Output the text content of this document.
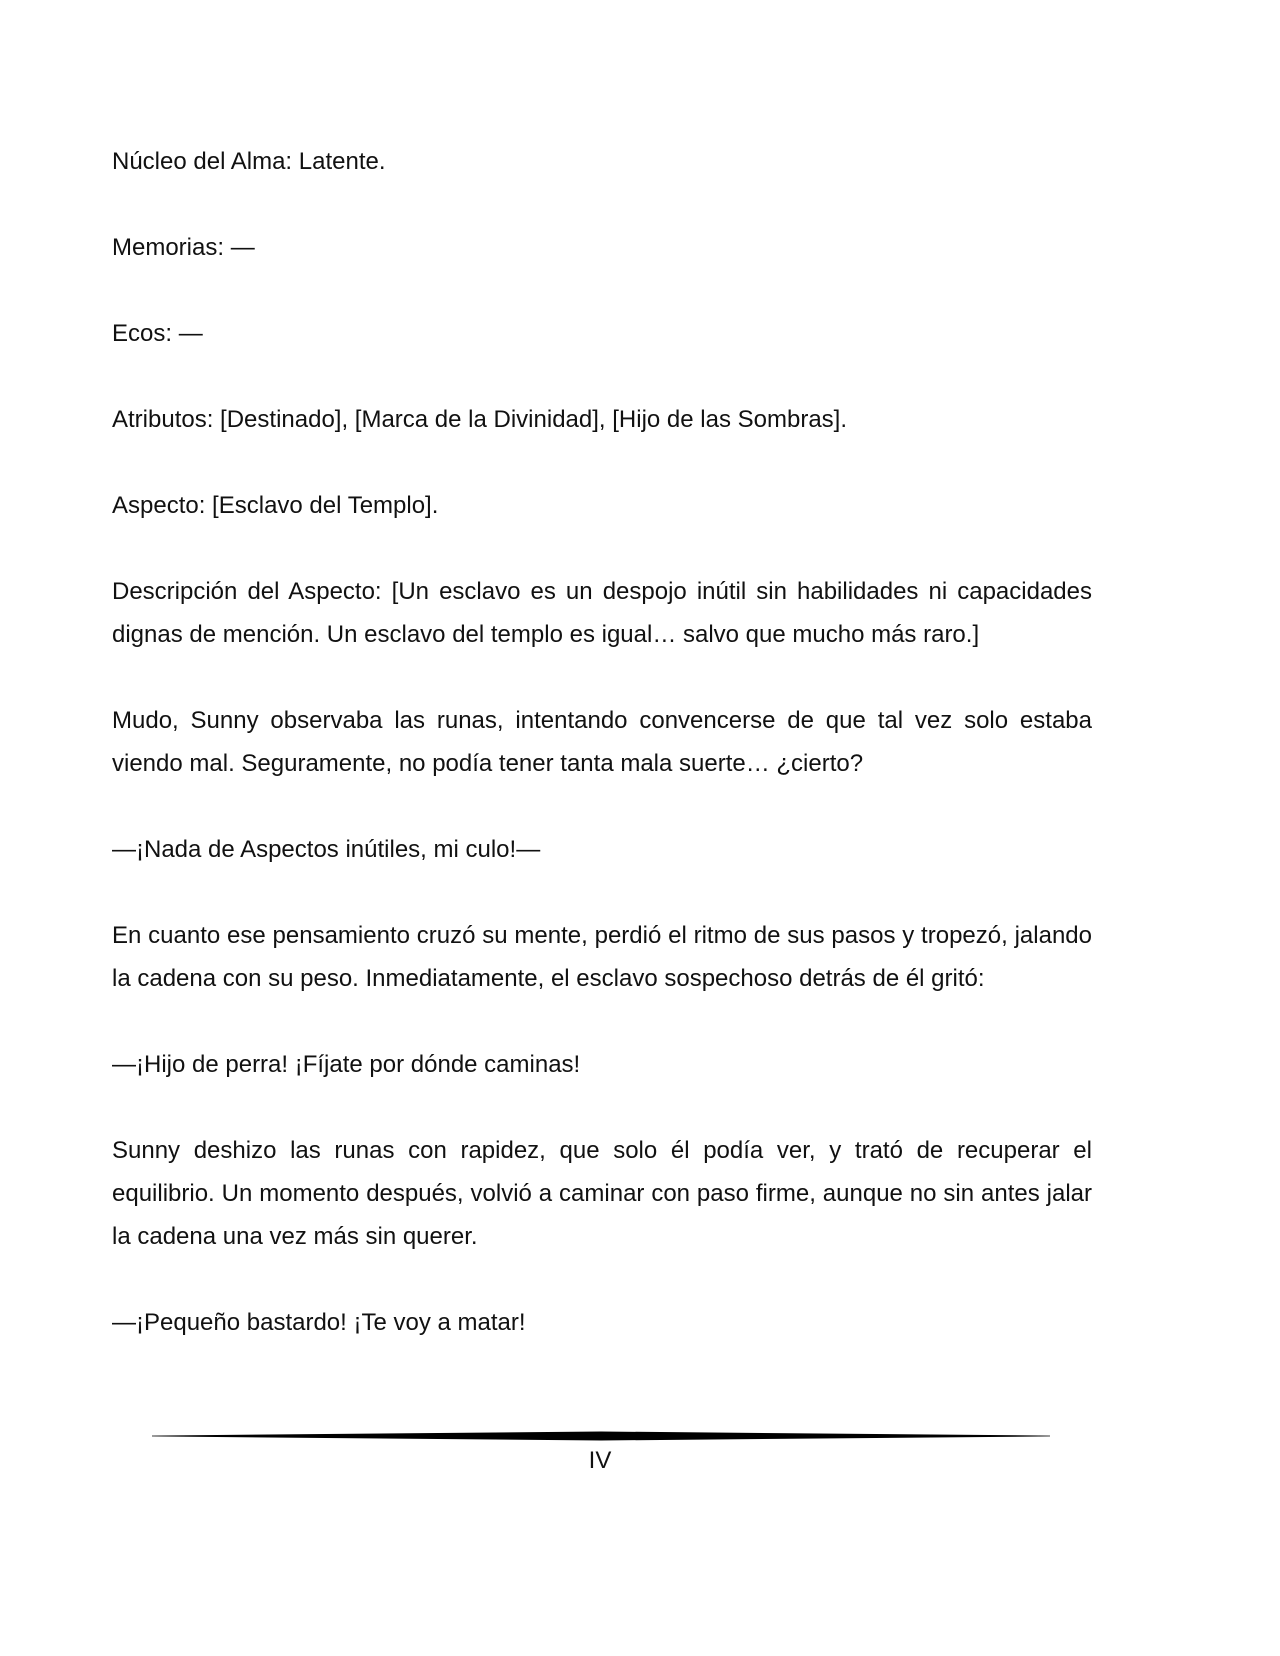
Núcleo del Alma: Latente.

Memorias: —

Ecos: —

Atributos: [Destinado], [Marca de la Divinidad], [Hijo de las Sombras].

Aspecto: [Esclavo del Templo].

Descripción del Aspecto: [Un esclavo es un despojo inútil sin habilidades ni capacidades dignas de mención. Un esclavo del templo es igual… salvo que mucho más raro.]

Mudo, Sunny observaba las runas, intentando convencerse de que tal vez solo estaba viendo mal. Seguramente, no podía tener tanta mala suerte… ¿cierto?

—¡Nada de Aspectos inútiles, mi culo!—

En cuanto ese pensamiento cruzó su mente, perdió el ritmo de sus pasos y tropezó, jalando la cadena con su peso. Inmediatamente, el esclavo sospechoso detrás de él gritó:

—¡Hijo de perra! ¡Fíjate por dónde caminas!

Sunny deshizo las runas con rapidez, que solo él podía ver, y trató de recuperar el equilibrio. Un momento después, volvió a caminar con paso firme, aunque no sin antes jalar la cadena una vez más sin querer.

—¡Pequeño bastardo! ¡Te voy a matar!

IV
